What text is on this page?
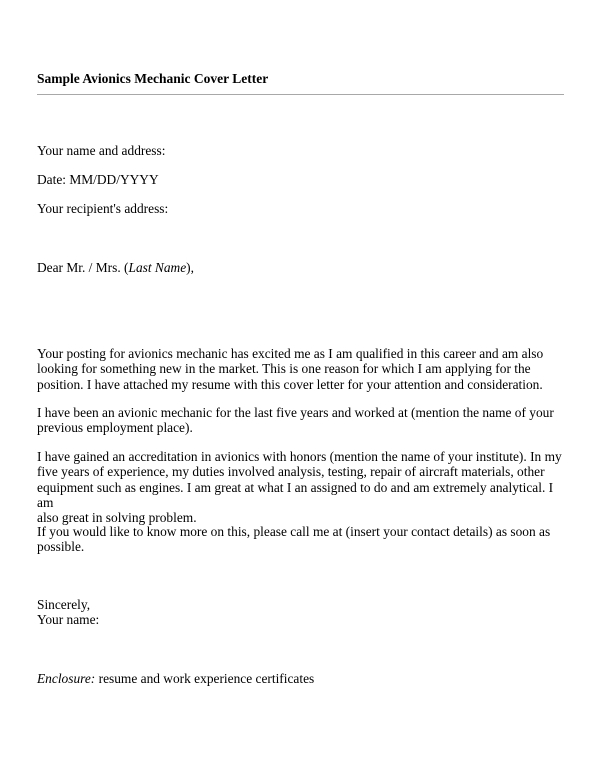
Sample Avionics Mechanic Cover Letter
Your name and address:
Date: MM/DD/YYYY
Your recipient's address:
Dear Mr. / Mrs. (Last Name),

Your posting for avionics mechanic has excited me as I am qualified in this career and am also

looking for something new in the market. This is one reason for which I am applying for the

position. I have attached my resume with this cover letter for your attention and consideration.

I have been an avionic mechanic for the last five years and worked at (mention the name of your

previous employment place).

I have gained an accreditation in avionics with honors (mention the name of your institute). In my

five years of experience, my duties involved analysis, testing, repair of aircraft materials, other

equipment such as engines. I am great at what I an assigned to do and am extremely analytical. I am

also great in solving problem.

If you would like to know more on this, please call me at (insert your contact details) as soon as

possible.

Sincerely,

Your name:

Enclosure: resume and work experience certificates
